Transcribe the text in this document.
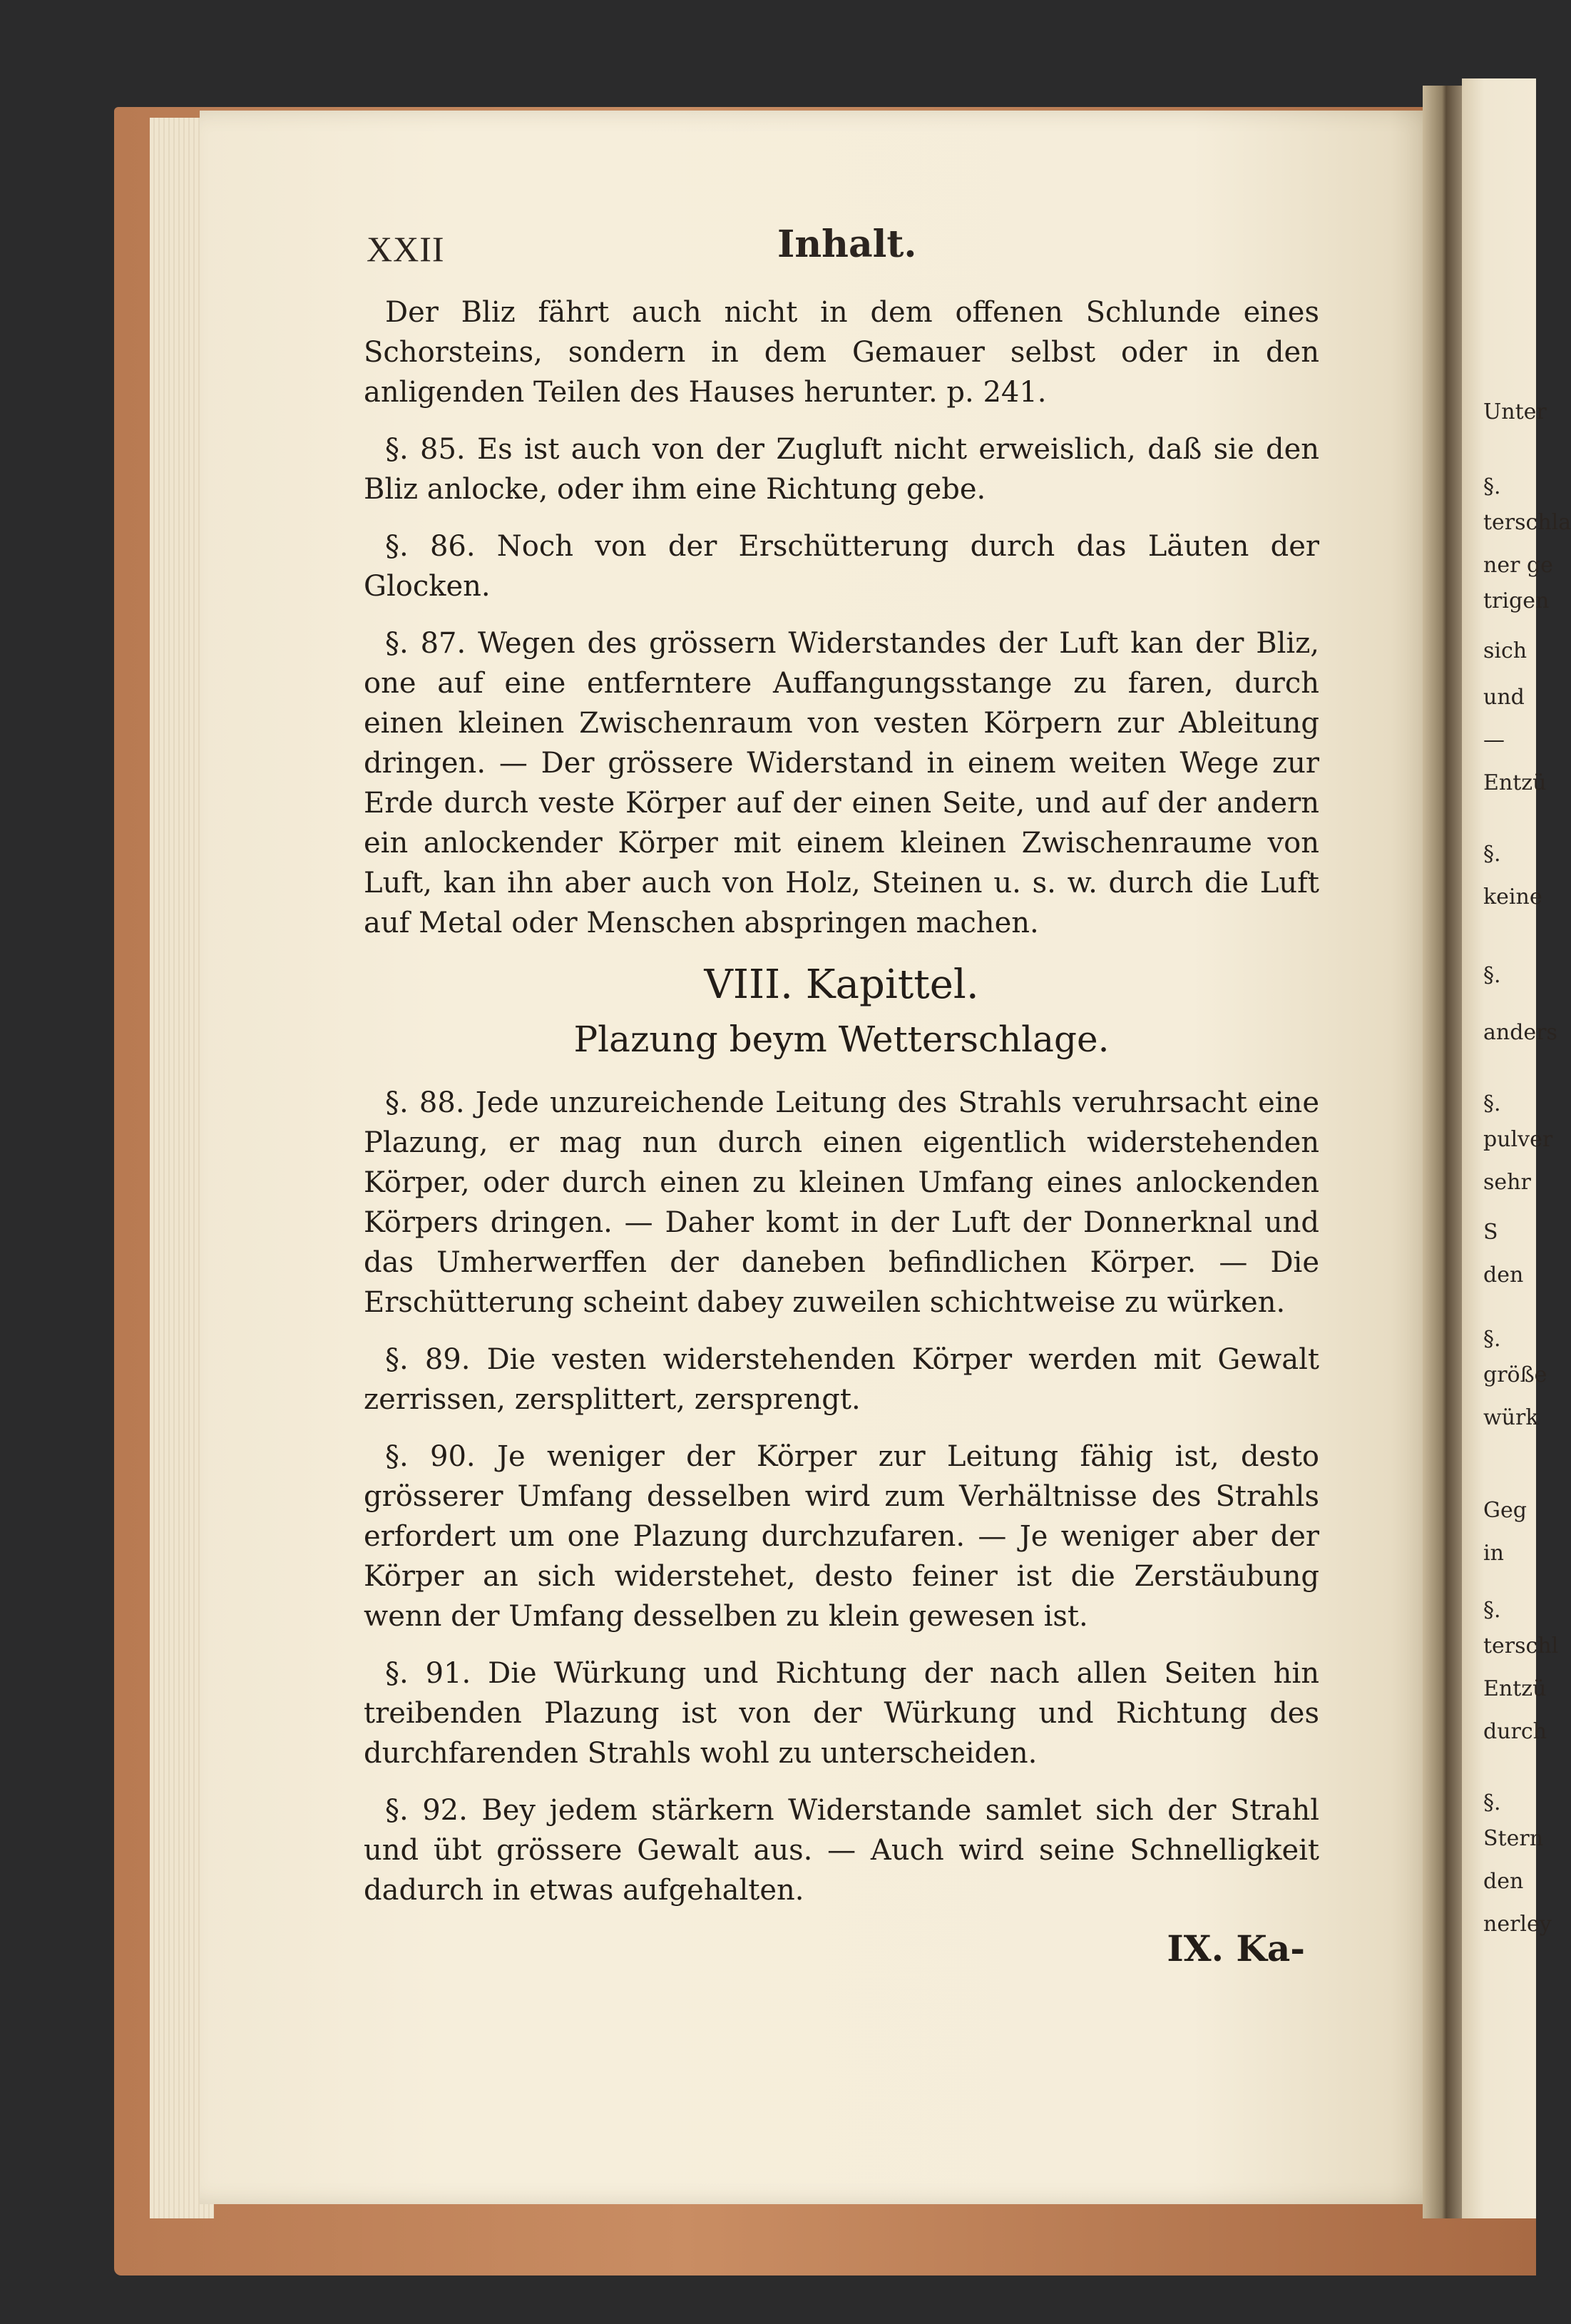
Unter
§.
terschla
ner ge
trigen
sich
und
—
Entzü
§.
keine
§.
anders
§.
pulver
sehr
S
den
§.
größe
würk
Geg
in
§.
terschl
Entzü
durch
§.
Stern
den
nerley
XXII	Inhalt.

Der Bliz fährt auch nicht in dem offenen Schlunde eines Schorsteins, sondern in dem Gemauer selbst oder in den anligenden Teilen des Hauses herunter. p. 241.

§. 85. Es ist auch von der Zugluft nicht erweislich, daß sie den Bliz anlocke, oder ihm eine Richtung gebe.

§. 86. Noch von der Erschütterung durch das Läuten der Glocken.

§. 87. Wegen des grössern Widerstandes der Luft kan der Bliz, one auf eine entferntere Auffangungsstange zu faren, durch einen kleinen Zwischenraum von vesten Körpern zur Ableitung dringen. — Der grössere Widerstand in einem weiten Wege zur Erde durch veste Körper auf der einen Seite, und auf der andern ein anlockender Körper mit einem kleinen Zwischenraume von Luft, kan ihn aber auch von Holz, Steinen u. s. w. durch die Luft auf Metal oder Menschen abspringen machen.

VIII. Kapittel.
Plazung beym Wetterschlage.

§. 88. Jede unzureichende Leitung des Strahls veruhrsacht eine Plazung, er mag nun durch einen eigentlich widerstehenden Körper, oder durch einen zu kleinen Umfang eines anlockenden Körpers dringen. — Daher komt in der Luft der Donnerknal und das Umherwerffen der daneben befindlichen Körper. — Die Erschütterung scheint dabey zuweilen schichtweise zu würken.

§. 89. Die vesten widerstehenden Körper werden mit Gewalt zerrissen, zersplittert, zersprengt.

§. 90. Je weniger der Körper zur Leitung fähig ist, desto grösserer Umfang desselben wird zum Verhältnisse des Strahls erfordert um one Plazung durchzufaren. — Je weniger aber der Körper an sich widerstehet, desto feiner ist die Zerstäubung wenn der Umfang desselben zu klein gewesen ist.

§. 91. Die Würkung und Richtung der nach allen Seiten hin treibenden Plazung ist von der Würkung und Richtung des durchfarenden Strahls wohl zu unterscheiden.

§. 92. Bey jedem stärkern Widerstande samlet sich der Strahl und übt grössere Gewalt aus. — Auch wird seine Schnelligkeit dadurch in etwas aufgehalten.

IX. Ka-
